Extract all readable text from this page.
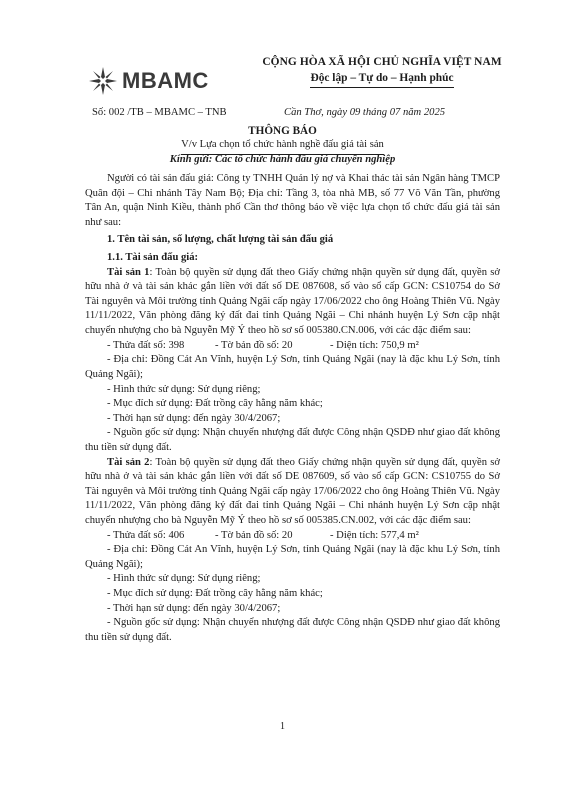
MBAMC
CỘNG HÒA XÃ HỘI CHỦ NGHĨA VIỆT NAM
Độc lập – Tự do – Hạnh phúc
Số: 002 /TB – MBAMC – TNB	Cần Thơ, ngày 09 tháng 07 năm 2025
THÔNG BÁO
V/v Lựa chọn tổ chức hành nghề đấu giá tài sản
Kính gửi: Các tổ chức hành đấu giá chuyên nghiệp

Người có tài sản đấu giá: Công ty TNHH Quản lý nợ và Khai thác tài sản Ngân hàng TMCP Quân đội – Chi nhánh Tây Nam Bộ; Địa chỉ: Tầng 3, tòa nhà MB, số 77 Võ Văn Tần, phường Tân An, quận Ninh Kiều, thành phố Cần thơ thông báo về việc lựa chọn tổ chức đấu giá tài sản như sau:

1. Tên tài sản, số lượng, chất lượng tài sản đấu giá

1.1. Tài sản đấu giá:

Tài sản 1: Toàn bộ quyền sử dụng đất theo Giấy chứng nhận quyền sử dụng đất, quyền sở hữu nhà ở và tài sản khác gắn liền với đất số DE 087608, số vào sổ cấp GCN: CS10754 do Sở Tài nguyên và Môi trường tỉnh Quảng Ngãi cấp ngày 17/06/2022 cho ông Hoàng Thiên Vũ. Ngày 11/11/2022, Văn phòng đăng ký đất đai tỉnh Quảng Ngãi – Chi nhánh huyện Lý Sơn cập nhật chuyển nhượng cho bà Nguyễn Mỹ Ý theo hồ sơ số 005380.CN.006, với các đặc điểm sau:

- Thửa đất số: 398	- Tờ bản đồ số: 20	- Diện tích: 750,9 m²

- Địa chỉ: Đồng Cát An Vĩnh, huyện Lý Sơn, tỉnh Quảng Ngãi (nay là đặc khu Lý Sơn, tỉnh Quảng Ngãi);

- Hình thức sử dụng: Sử dụng riêng;

- Mục đích sử dụng: Đất trồng cây hằng năm khác;

- Thời hạn sử dụng: đến ngày 30/4/2067;

- Nguồn gốc sử dụng: Nhận chuyển nhượng đất được Công nhận QSDĐ như giao đất không thu tiền sử dụng đất.

Tài sản 2: Toàn bộ quyền sử dụng đất theo Giấy chứng nhận quyền sử dụng đất, quyền sở hữu nhà ở và tài sản khác gắn liền với đất số DE 087609, số vào sổ cấp GCN: CS10755 do Sở Tài nguyên và Môi trường tỉnh Quảng Ngãi cấp ngày 17/06/2022 cho ông Hoàng Thiên Vũ. Ngày 11/11/2022, Văn phòng đăng ký đất đai tỉnh Quảng Ngãi – Chi nhánh huyện Lý Sơn cập nhật chuyển nhượng cho bà Nguyễn Mỹ Ý theo hồ sơ số 005385.CN.002, với các đặc điểm sau:

- Thửa đất số: 406	- Tờ bản đồ số: 20	- Diện tích: 577,4 m²

- Địa chỉ: Đồng Cát An Vĩnh, huyện Lý Sơn, tỉnh Quảng Ngãi (nay là đặc khu Lý Sơn, tỉnh Quảng Ngãi);

- Hình thức sử dụng: Sử dụng riêng;

- Mục đích sử dụng: Đất trồng cây hằng năm khác;

- Thời hạn sử dụng: đến ngày 30/4/2067;

- Nguồn gốc sử dụng: Nhận chuyển nhượng đất được Công nhận QSDĐ như giao đất không thu tiền sử dụng đất.

1
